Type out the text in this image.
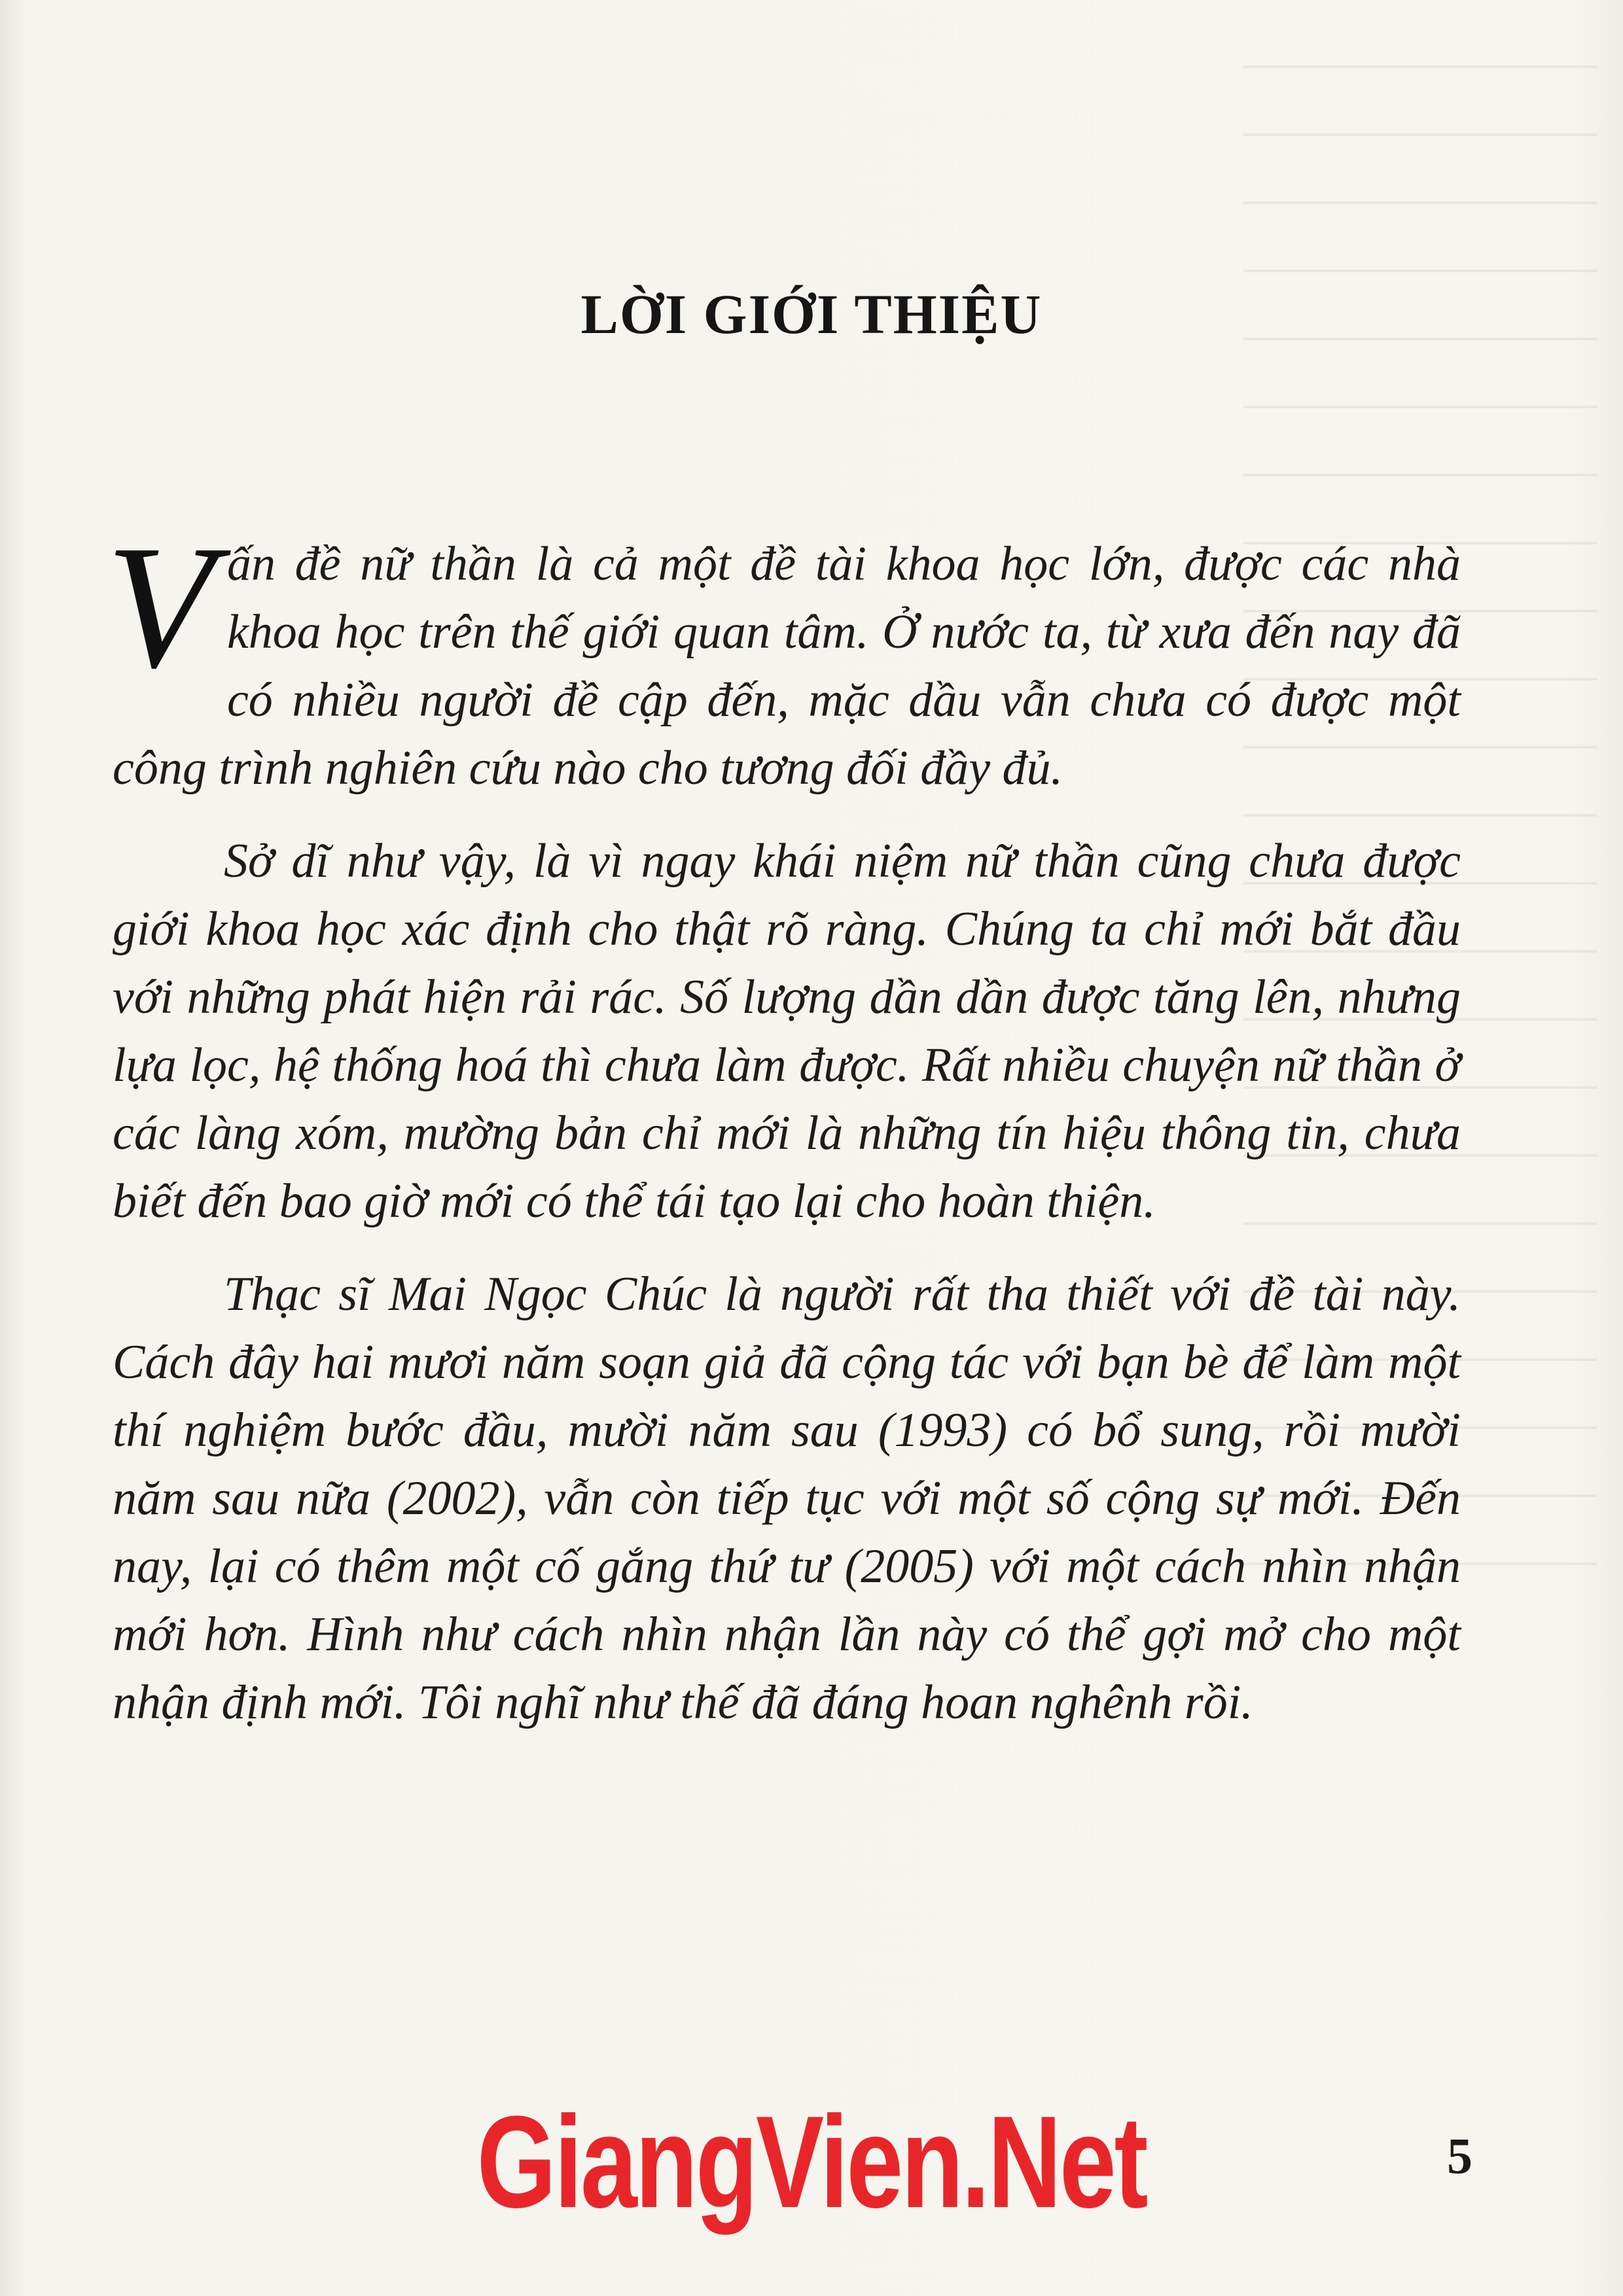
LỜI GIỚI THIỆU

Vấn đề nữ thần là cả một đề tài khoa học lớn, được các nhà khoa học trên thế giới quan tâm. Ở nước ta, từ xưa đến nay đã có nhiều người đề cập đến, mặc dầu vẫn chưa có được một công trình nghiên cứu nào cho tương đối đầy đủ.

Sở dĩ như vậy, là vì ngay khái niệm nữ thần cũng chưa được giới khoa học xác định cho thật rõ ràng. Chúng ta chỉ mới bắt đầu với những phát hiện rải rác. Số lượng dần dần được tăng lên, nhưng lựa lọc, hệ thống hoá thì chưa làm được. Rất nhiều chuyện nữ thần ở các làng xóm, mường bản chỉ mới là những tín hiệu thông tin, chưa biết đến bao giờ mới có thể tái tạo lại cho hoàn thiện.

Thạc sĩ Mai Ngọc Chúc là người rất tha thiết với đề tài này. Cách đây hai mươi năm soạn giả đã cộng tác với bạn bè để làm một thí nghiệm bước đầu, mười năm sau (1993) có bổ sung, rồi mười năm sau nữa (2002), vẫn còn tiếp tục với một số cộng sự mới. Đến nay, lại có thêm một cố gắng thứ tư (2005) với một cách nhìn nhận mới hơn. Hình như cách nhìn nhận lần này có thể gợi mở cho một nhận định mới. Tôi nghĩ như thế đã đáng hoan nghênh rồi.

GiangVien.Net	5
